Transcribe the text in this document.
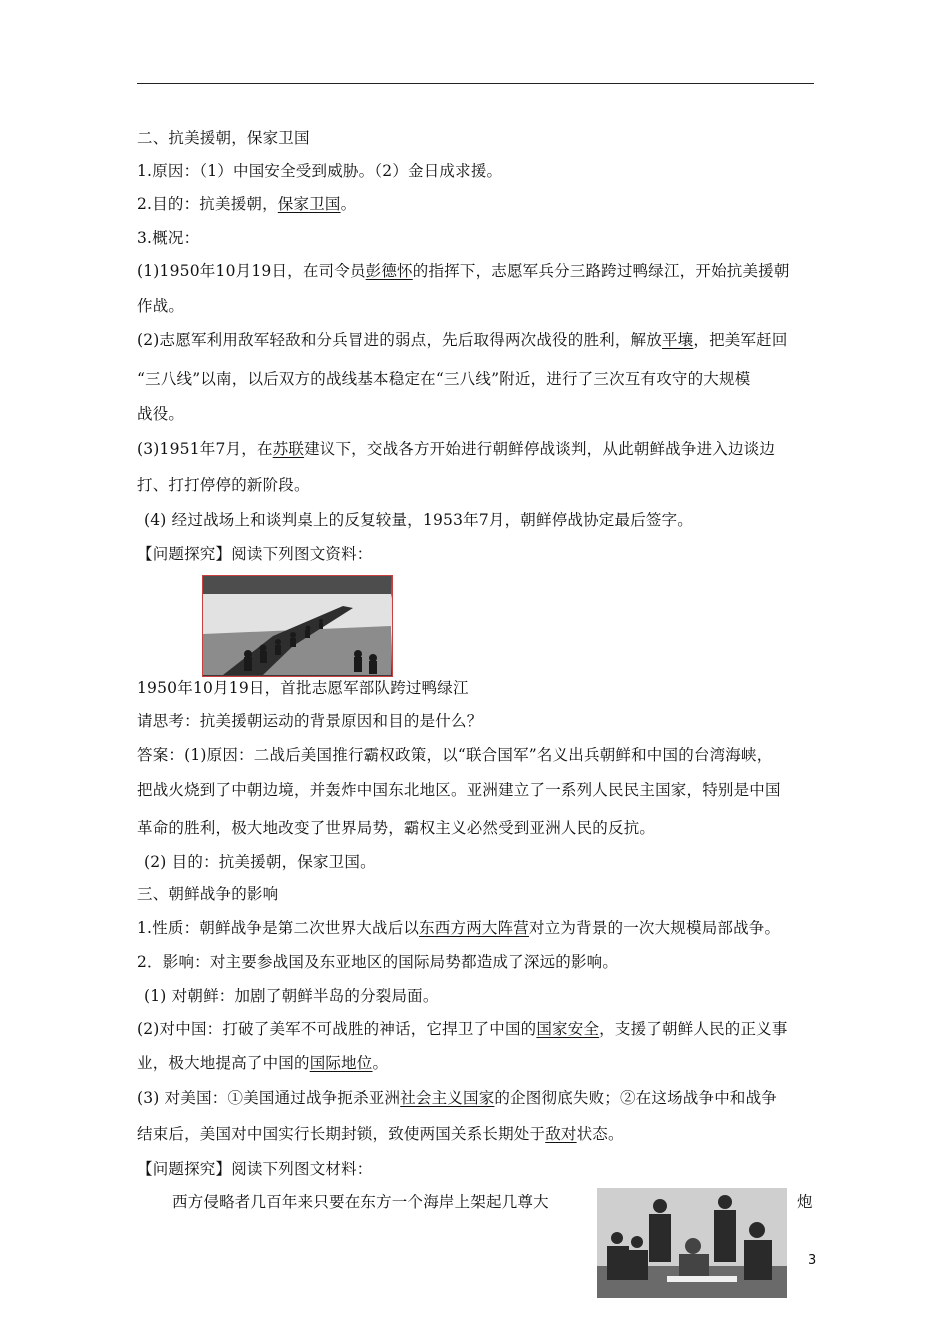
二、抗美援朝，保家卫国
1.原因：（1）中国安全受到威胁。（2）金日成求援。
2.目的：抗美援朝，保家卫国。
3.概况：
(1)1950年10月19日，在司令员彭德怀的指挥下，志愿军兵分三路跨过鸭绿江，开始抗美援朝
作战。
(2)志愿军利用敌军轻敌和分兵冒进的弱点，先后取得两次战役的胜利，解放平壤，把美军赶回
“三八线”以南，以后双方的战线基本稳定在“三八线”附近，进行了三次互有攻守的大规模
战役。
(3)1951年7月，在苏联建议下，交战各方开始进行朝鲜停战谈判，从此朝鲜战争进入边谈边
打、打打停停的新阶段。
(4) 经过战场上和谈判桌上的反复较量，1953年7月，朝鲜停战协定最后签字。
【问题探究】阅读下列图文资料：
1950年10月19日，首批志愿军部队跨过鸭绿江
请思考：抗美援朝运动的背景原因和目的是什么？
答案：(1)原因：二战后美国推行霸权政策，以“联合国军”名义出兵朝鲜和中国的台湾海峡，
把战火烧到了中朝边境，并轰炸中国东北地区。亚洲建立了一系列人民民主国家，特别是中国
革命的胜利，极大地改变了世界局势，霸权主义必然受到亚洲人民的反抗。
(2) 目的：抗美援朝，保家卫国。
三、朝鲜战争的影响
1.性质：朝鲜战争是第二次世界大战后以东西方两大阵营对立为背景的一次大规模局部战争。
2．影响：对主要参战国及东亚地区的国际局势都造成了深远的影响。
(1) 对朝鲜：加剧了朝鲜半岛的分裂局面。
(2)对中国：打破了美军不可战胜的神话，它捍卫了中国的国家安全，支援了朝鲜人民的正义事
业，极大地提高了中国的国际地位。
(3) 对美国：①美国通过战争扼杀亚洲社会主义国家的企图彻底失败；②在这场战争中和战争
结束后，美国对中国实行长期封锁，致使两国关系长期处于敌对状态。
【问题探究】阅读下列图文材料：
西方侵略者几百年来只要在东方一个海岸上架起几尊大	炮
3
